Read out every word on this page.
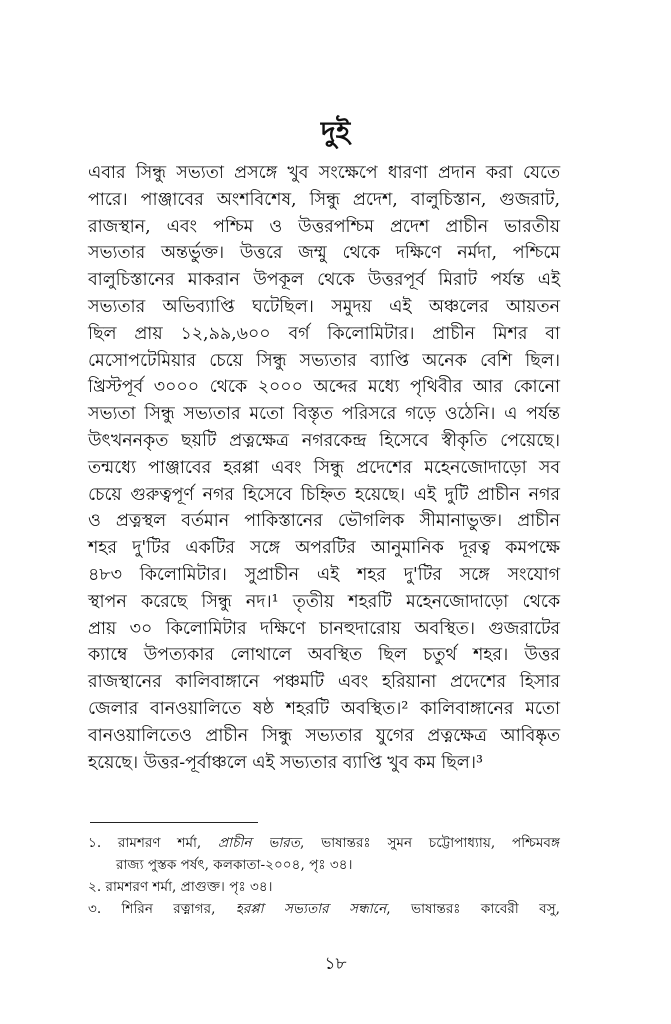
দুই
এবার সিন্ধু সভ্যতা প্রসঙ্গে খুব সংক্ষেপে ধারণা প্রদান করা যেতে
পারে। পাঞ্জাবের অংশবিশেষ, সিন্ধু প্রদেশ, বালুচিস্তান, গুজরাট,
রাজস্থান, এবং পশ্চিম ও উত্তরপশ্চিম প্রদেশ প্রাচীন ভারতীয়
সভ্যতার অন্তর্ভুক্ত। উত্তরে জম্মু থেকে দক্ষিণে নর্মদা, পশ্চিমে
বালুচিস্তানের মাকরান উপকূল থেকে উত্তরপূর্ব মিরাট পর্যন্ত এই
সভ্যতার অভিব্যাপ্তি ঘটেছিল। সমুদয় এই অঞ্চলের আয়তন
ছিল প্রায় ১২,৯৯,৬০০ বর্গ কিলোমিটার। প্রাচীন মিশর বা
মেসোপটেমিয়ার চেয়ে সিন্ধু সভ্যতার ব্যাপ্তি অনেক বেশি ছিল।
খ্রিস্টপূর্ব ৩০০০ থেকে ২০০০ অব্দের মধ্যে পৃথিবীর আর কোনো
সভ্যতা সিন্ধু সভ্যতার মতো বিস্তৃত পরিসরে গড়ে ওঠেনি। এ পর্যন্ত
উৎখননকৃত ছয়টি প্রত্নক্ষেত্র নগরকেন্দ্র হিসেবে স্বীকৃতি পেয়েছে।
তন্মধ্যে পাঞ্জাবের হরপ্পা এবং সিন্ধু প্রদেশের মহেনজোদাড়ো সব
চেয়ে গুরুত্বপূর্ণ নগর হিসেবে চিহ্নিত হয়েছে। এই দুটি প্রাচীন নগর
ও প্রত্নস্থল বর্তমান পাকিস্তানের ভৌগলিক সীমানাভুক্ত। প্রাচীন
শহর দু'টির একটির সঙ্গে অপরটির আনুমানিক দূরত্ব কমপক্ষে
৪৮৩ কিলোমিটার। সুপ্রাচীন এই শহর দু'টির সঙ্গে সংযোগ
স্থাপন করেছে সিন্ধু নদ।¹ তৃতীয় শহরটি মহেনজোদাড়ো থেকে
প্রায় ৩০ কিলোমিটার দক্ষিণে চানহুদারোয় অবস্থিত। গুজরাটের
ক্যাম্বে উপত্যকার লোথালে অবস্থিত ছিল চতুর্থ শহর। উত্তর
রাজস্থানের কালিবাঙ্গানে পঞ্চমটি এবং হরিয়ানা প্রদেশের হিসার
জেলার বানওয়ালিতে ষষ্ঠ শহরটি অবস্থিত।² কালিবাঙ্গানের মতো
বানওয়ালিতেও প্রাচীন সিন্ধু সভ্যতার যুগের প্রত্নক্ষেত্র আবিষ্কৃত
হয়েছে। উত্তর-পূর্বাঞ্চলে এই সভ্যতার ব্যাপ্তি খুব কম ছিল।³
১. রামশরণ শর্মা, প্রাচীন ভারত, ভাষান্তরঃ সুমন চট্টোপাধ্যায়, পশ্চিমবঙ্গ
রাজ্য পুস্তক পর্ষৎ, কলকাতা-২০০৪, পৃঃ ৩৪।
২. রামশরণ শর্মা, প্রাগুক্ত। পৃঃ ৩৪।
৩. শিরিন রত্নাগর, হরপ্পা সভ্যতার সন্ধানে, ভাষান্তরঃ কাবেরী বসু,
১৮
